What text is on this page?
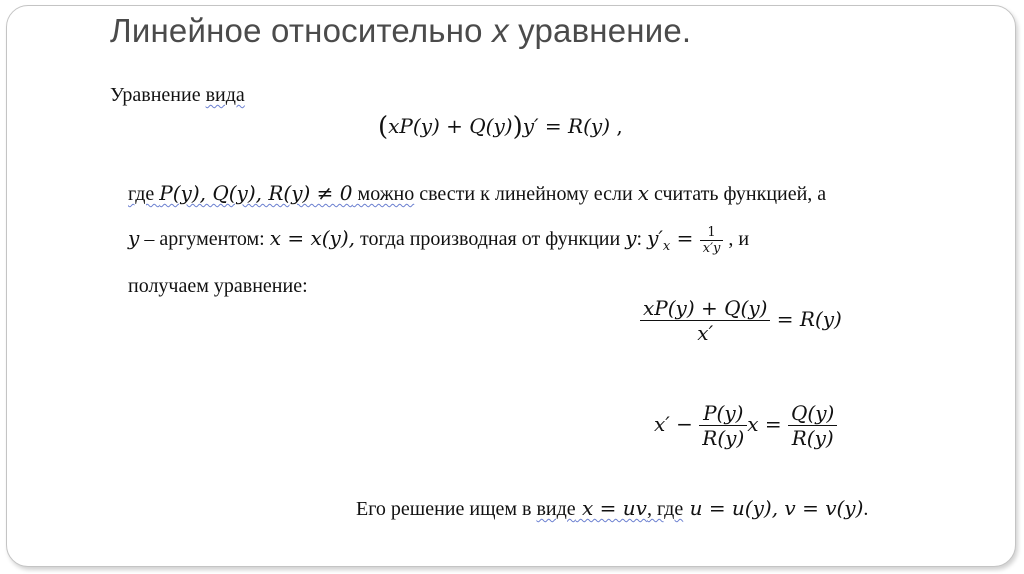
Линейное относительно x уравнение.
Уравнение вида
(xP(y) + Q(y))y′ = R(y) ,
где P(y), Q(y), R(y) ≠ 0 можно свести к линейному если x считать функцией, а
y – аргументом: x = x(y), тогда производная от функции y: $y'_x = \frac{1}{x'y}$ , и
получаем уравнение:
$\frac{xP(y) + Q(y)}{x'} = R(y)$
$x' - \frac{P(y)}{R(y)}$ $x = \frac{Q(y)}{R(y)}$
Его решение ищем в виде x = uv, где u = u(y), v = v(y).
